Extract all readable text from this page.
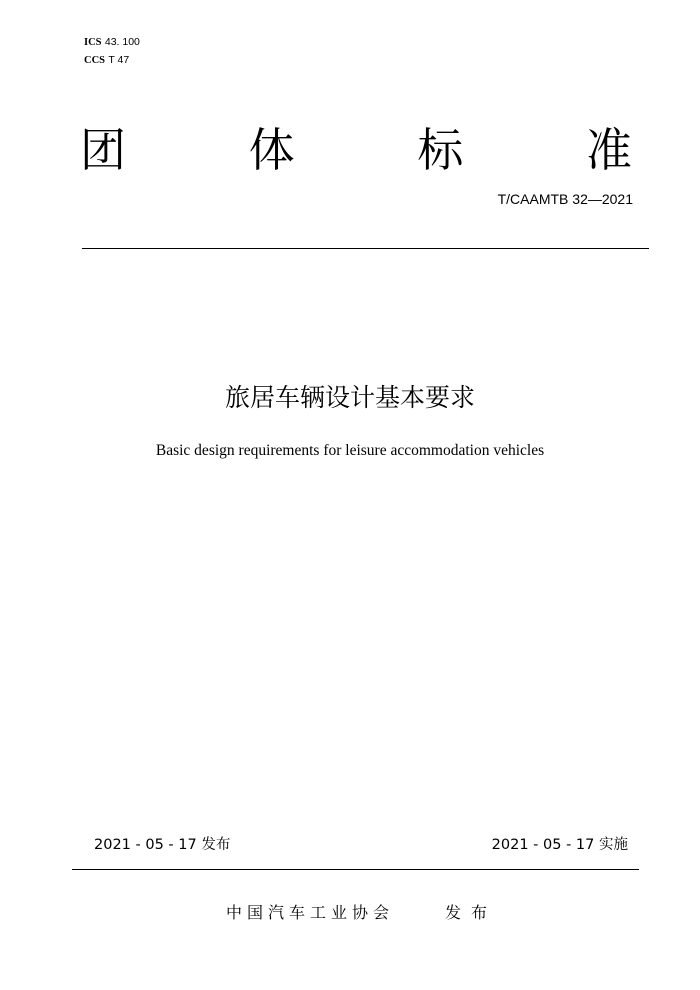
ICS 43. 100
CCS T 47
团	体	标	准
T/CAAMTB 32—2021
旅居车辆设计基本要求
Basic design requirements for leisure accommodation vehicles
2021 - 05 - 17 发布	2021 - 05 - 17 实施
中国汽车工业协会	发布
